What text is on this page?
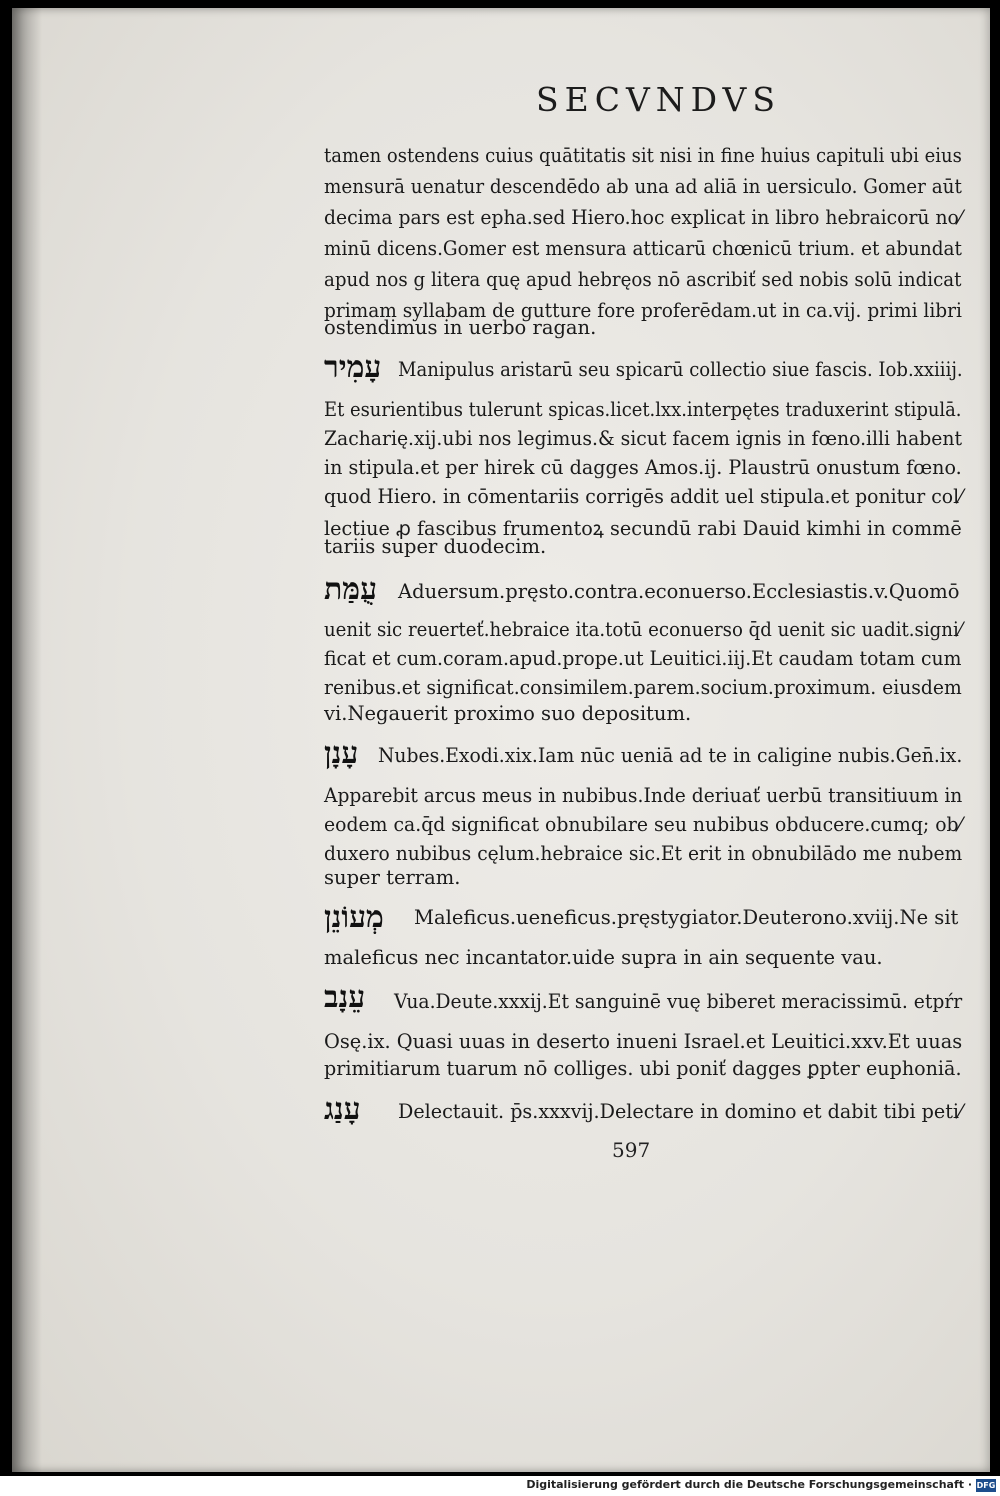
SECVNDVS
tamen ostendens cuius quātitatis sit nisi in fine huius capituli ubi eius
mensurā uenatur descendēdo ab una ad aliā in uersiculo. Gomer aūt
decima pars est epha.sed Hiero.hoc explicat in libro hebraicorū no⁄
minū dicens.Gomer est mensura atticarū chœnicū trium. et abundat
apud nos g litera quę apud hebręos nō ascribiť sed nobis solū indicat
primam syllabam de gutture fore proferēdam.ut in ca.vij. primi libri
ostendimus in uerbo ragan.
עָמִיר Manipulus aristarū seu spicarū collectio siue fascis. Iob.xxiiij.
Et esurientibus tulerunt spicas.licet.lxx.interpętes traduxerint stipulā.
Zacharię.xij.ubi nos legimus.& sicut facem ignis in fœno.illi habent
in stipula.et per hirek cū dagges Amos.ij. Plaustrū onustum fœno.
quod Hiero. in cōmentariis corrigēs addit uel stipula.et ponitur col⁄
lectiue ꝓ fascibus frumentoꝝ secundū rabi Dauid kimhi in commē
tariis super duodecim.
עֻמַּת Aduersum.pręsto.contra.econuerso.Ecclesiastis.v.Quomō
uenit sic reuerteť.hebraice ita.totū econuerso q̄d uenit sic uadit.signi⁄
ficat et cum.coram.apud.prope.ut Leuitici.iij.Et caudam totam cum
renibus.et significat.consimilem.parem.socium.proximum. eiusdem
vi.Negauerit proximo suo depositum.
עָנָן Nubes.Exodi.xix.Iam nūc ueniā ad te in caligine nubis.Gen̄.ix.
Apparebit arcus meus in nubibus.Inde deriuať uerbū transitiuum in
eodem ca.q̄d significat obnubilare seu nubibus obducere.cumq; ob⁄
duxero nubibus cęlum.hebraice sic.Et erit in obnubilādo me nubem
super terram.
מְעוֹנֵן Maleficus.ueneficus.pręstygiator.Deuterono.xviij.Ne sit
maleficus nec incantator.uide supra in ain sequente vau.
עֵנָב Vua.Deute.xxxij.Et sanguinē vuę biberet meracissimū. etpŕr
Osę.ix. Quasi uuas in deserto inueni Israel.et Leuitici.xxv.Et uuas
primitiarum tuarum nō colliges. ubi poniť dagges ꝑpter euphoniā.
עָנַג Delectauit. p̄s.xxxvij.Delectare in domino et dabit tibi peti⁄
597
Digitalisierung gefördert durch die Deutsche Forschungsgemeinschaft · DFG
